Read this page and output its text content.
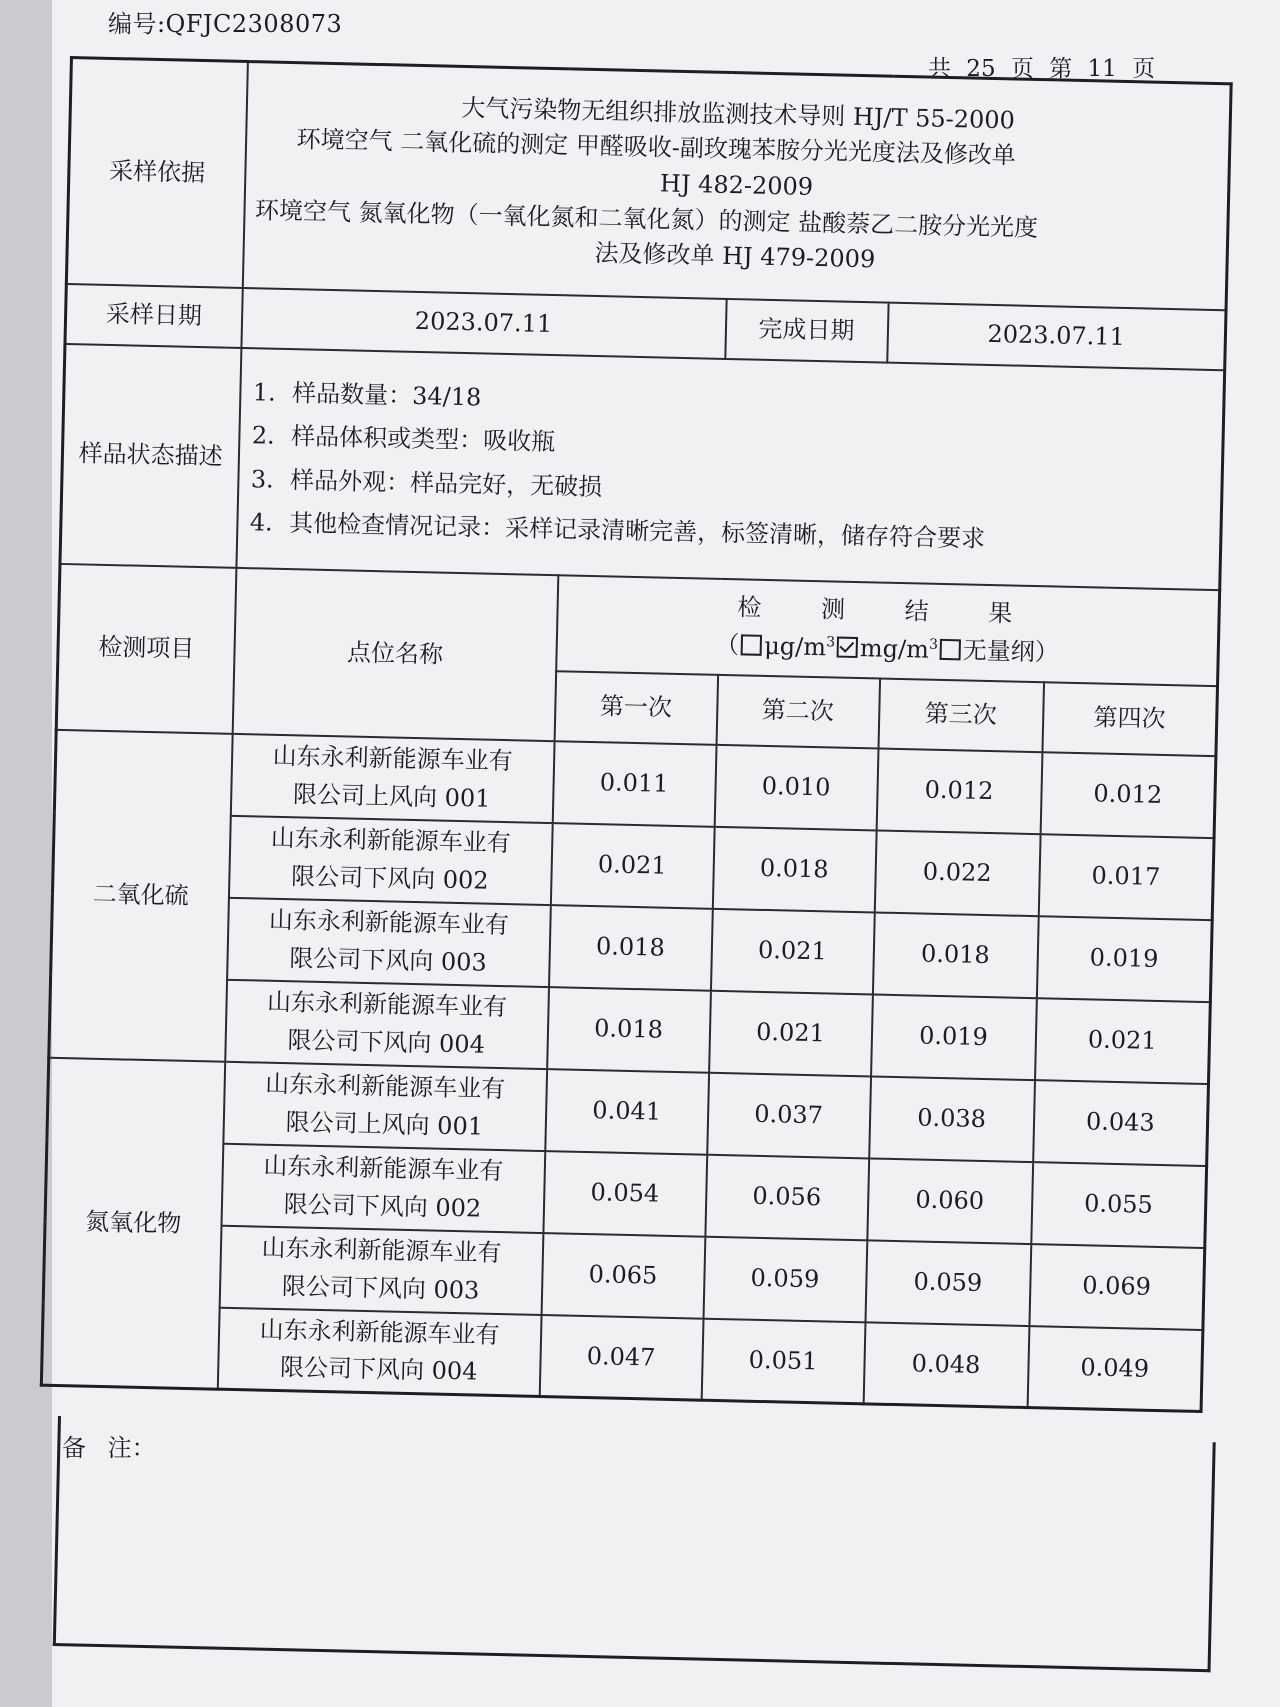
编号:QFJC2308073
共 25 页 第 11 页
采样依据	大气污染物无组织排放监测技术导则 HJ/T 55-2000
环境空气 二氧化硫的测定 甲醛吸收-副玫瑰苯胺分光光度法及修改单
HJ 482-2009
环境空气 氮氧化物（一氧化氮和二氧化氮）的测定 盐酸萘乙二胺分光光度
法及修改单 HJ 479-2009				

采样日期	2023.07.11		完成日期	2023.07.11	
样品状态描述	1．样品数量：34/18
2．样品体积或类型：吸收瓶
3．样品外观：样品完好，无破损
4．其他检查情况记录：采样记录清晰完善，标签清晰，储存符合要求				

检测项目	点位名称	检 测 结 果
（ $\mu g/m^3$ $mg/m^3$ 无量纲）			

		第一次	第二次	第三次	第四次
二氧化硫	山东永利新能源车业有
限公司上风向 001	0.011	0.010	0.012	0.012

	山东永利新能源车业有
限公司下风向 002	0.021	0.018	0.022	0.017

	山东永利新能源车业有
限公司下风向 003	0.018	0.021	0.018	0.019

	山东永利新能源车业有
限公司下风向 004	0.018	0.021	0.019	0.021
氮氧化物	山东永利新能源车业有
限公司上风向 001	0.041	0.037	0.038	0.043

	山东永利新能源车业有
限公司下风向 002	0.054	0.056	0.060	0.055

	山东永利新能源车业有
限公司下风向 003	0.065	0.059	0.059	0.069

	山东永利新能源车业有
限公司下风向 004	0.047	0.051	0.048	0.049
备 注：
